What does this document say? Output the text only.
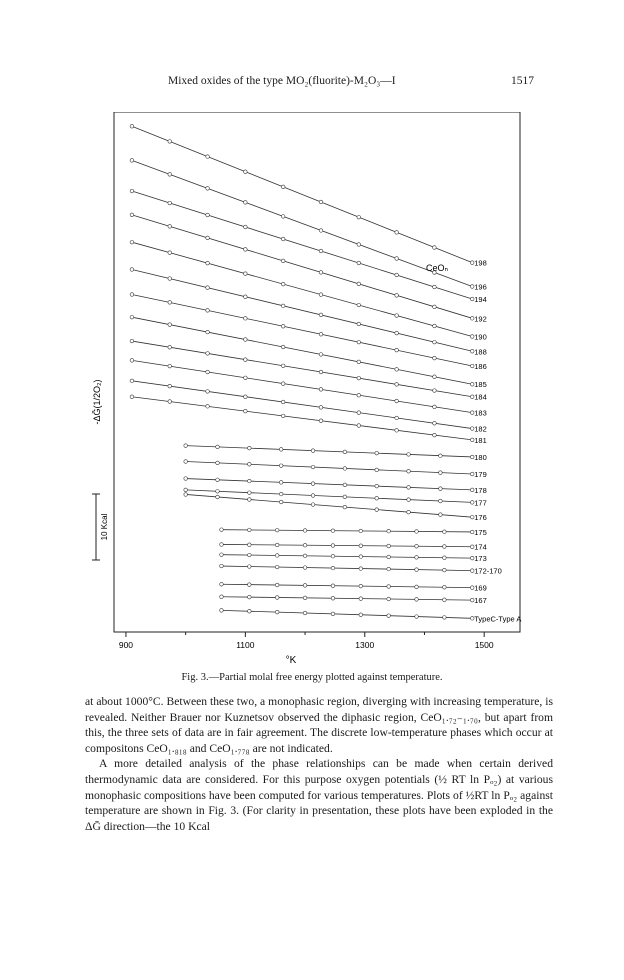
Mixed oxides of the type MO₂(fluorite)-M₂O₃—I	1517
198
196
194
192
190
188
186
185
184
183
182
181
180
179
178
177
176
175
174
173
172-170
169
167
TypeC-Type A
900	1100	1300	1500
°K
CeOₙ
-ΔḠ(1/2O₂)
10 Kcal
Fig. 3.—Partial molal free energy plotted against temperature.

at about 1000°C. Between these two, a monophasic region, diverging with increasing temperature, is revealed. Neither Brauer nor Kuznetsov observed the diphasic region, CeO₁.₇₂₋₁.₇₀, but apart from this, the three sets of data are in fair agreement. The discrete low-temperature phases which occur at compositons CeO₁.₈₁₈ and CeO₁.₇₇₈ are not indicated.

A more detailed analysis of the phase relationships can be made when certain derived thermodynamic data are considered. For this purpose oxygen potentials (½ RT ln Pₒ₂) at various monophasic compositions have been computed for various temperatures. Plots of ½RT ln Pₒ₂ against temperature are shown in Fig. 3. (For clarity in presentation, these plots have been exploded in the ΔḠ direction—the 10 Kcal
